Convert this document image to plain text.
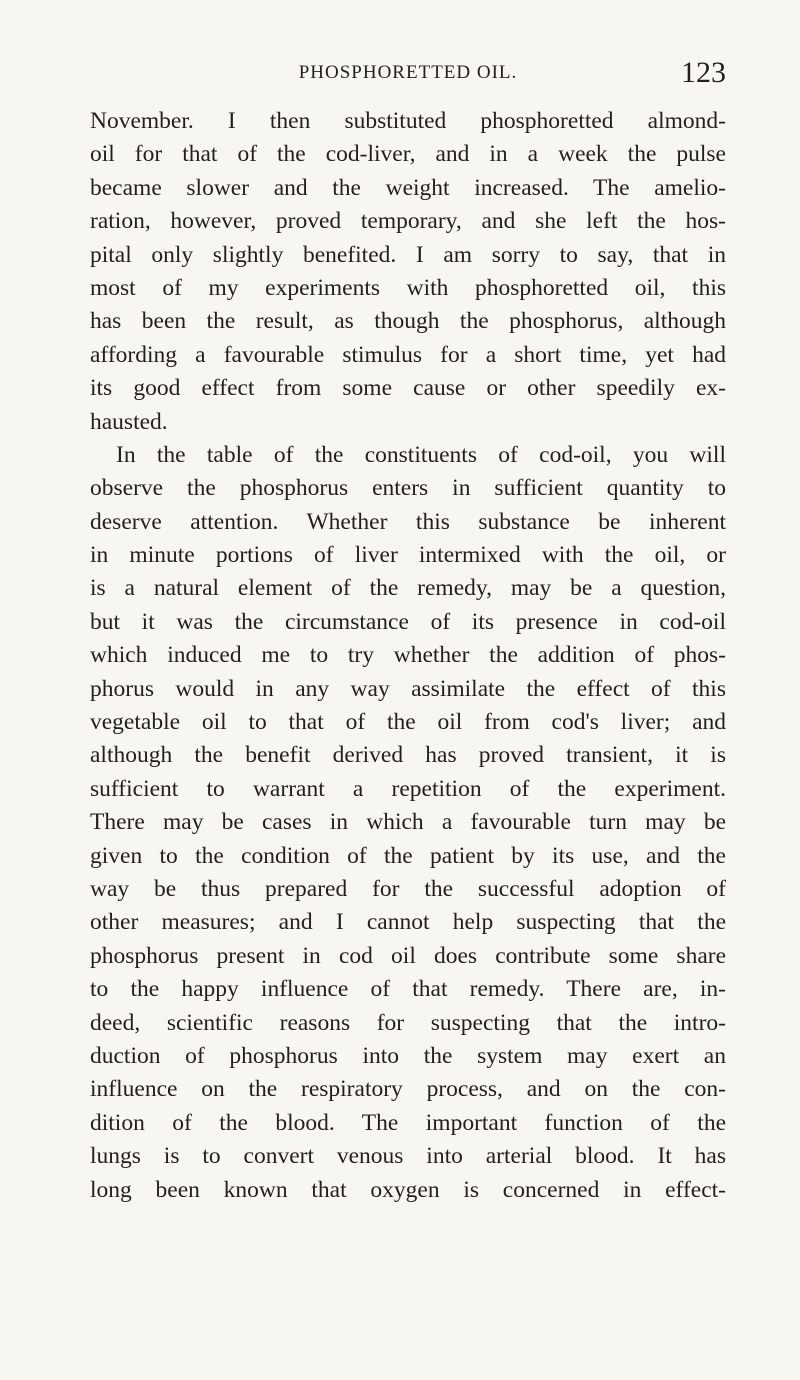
PHOSPHORETTED OIL.	123
November. I then substituted phosphoretted almond-
oil for that of the cod-liver, and in a week the pulse
became slower and the weight increased. The amelio-
ration, however, proved temporary, and she left the hos-
pital only slightly benefited. I am sorry to say, that in
most of my experiments with phosphoretted oil, this
has been the result, as though the phosphorus, although
affording a favourable stimulus for a short time, yet had
its good effect from some cause or other speedily ex-
hausted.
In the table of the constituents of cod-oil, you will
observe the phosphorus enters in sufficient quantity to
deserve attention. Whether this substance be inherent
in minute portions of liver intermixed with the oil, or
is a natural element of the remedy, may be a question,
but it was the circumstance of its presence in cod-oil
which induced me to try whether the addition of phos-
phorus would in any way assimilate the effect of this
vegetable oil to that of the oil from cod's liver; and
although the benefit derived has proved transient, it is
sufficient to warrant a repetition of the experiment.
There may be cases in which a favourable turn may be
given to the condition of the patient by its use, and the
way be thus prepared for the successful adoption of
other measures; and I cannot help suspecting that the
phosphorus present in cod oil does contribute some share
to the happy influence of that remedy. There are, in-
deed, scientific reasons for suspecting that the intro-
duction of phosphorus into the system may exert an
influence on the respiratory process, and on the con-
dition of the blood. The important function of the
lungs is to convert venous into arterial blood. It has
long been known that oxygen is concerned in effect-
